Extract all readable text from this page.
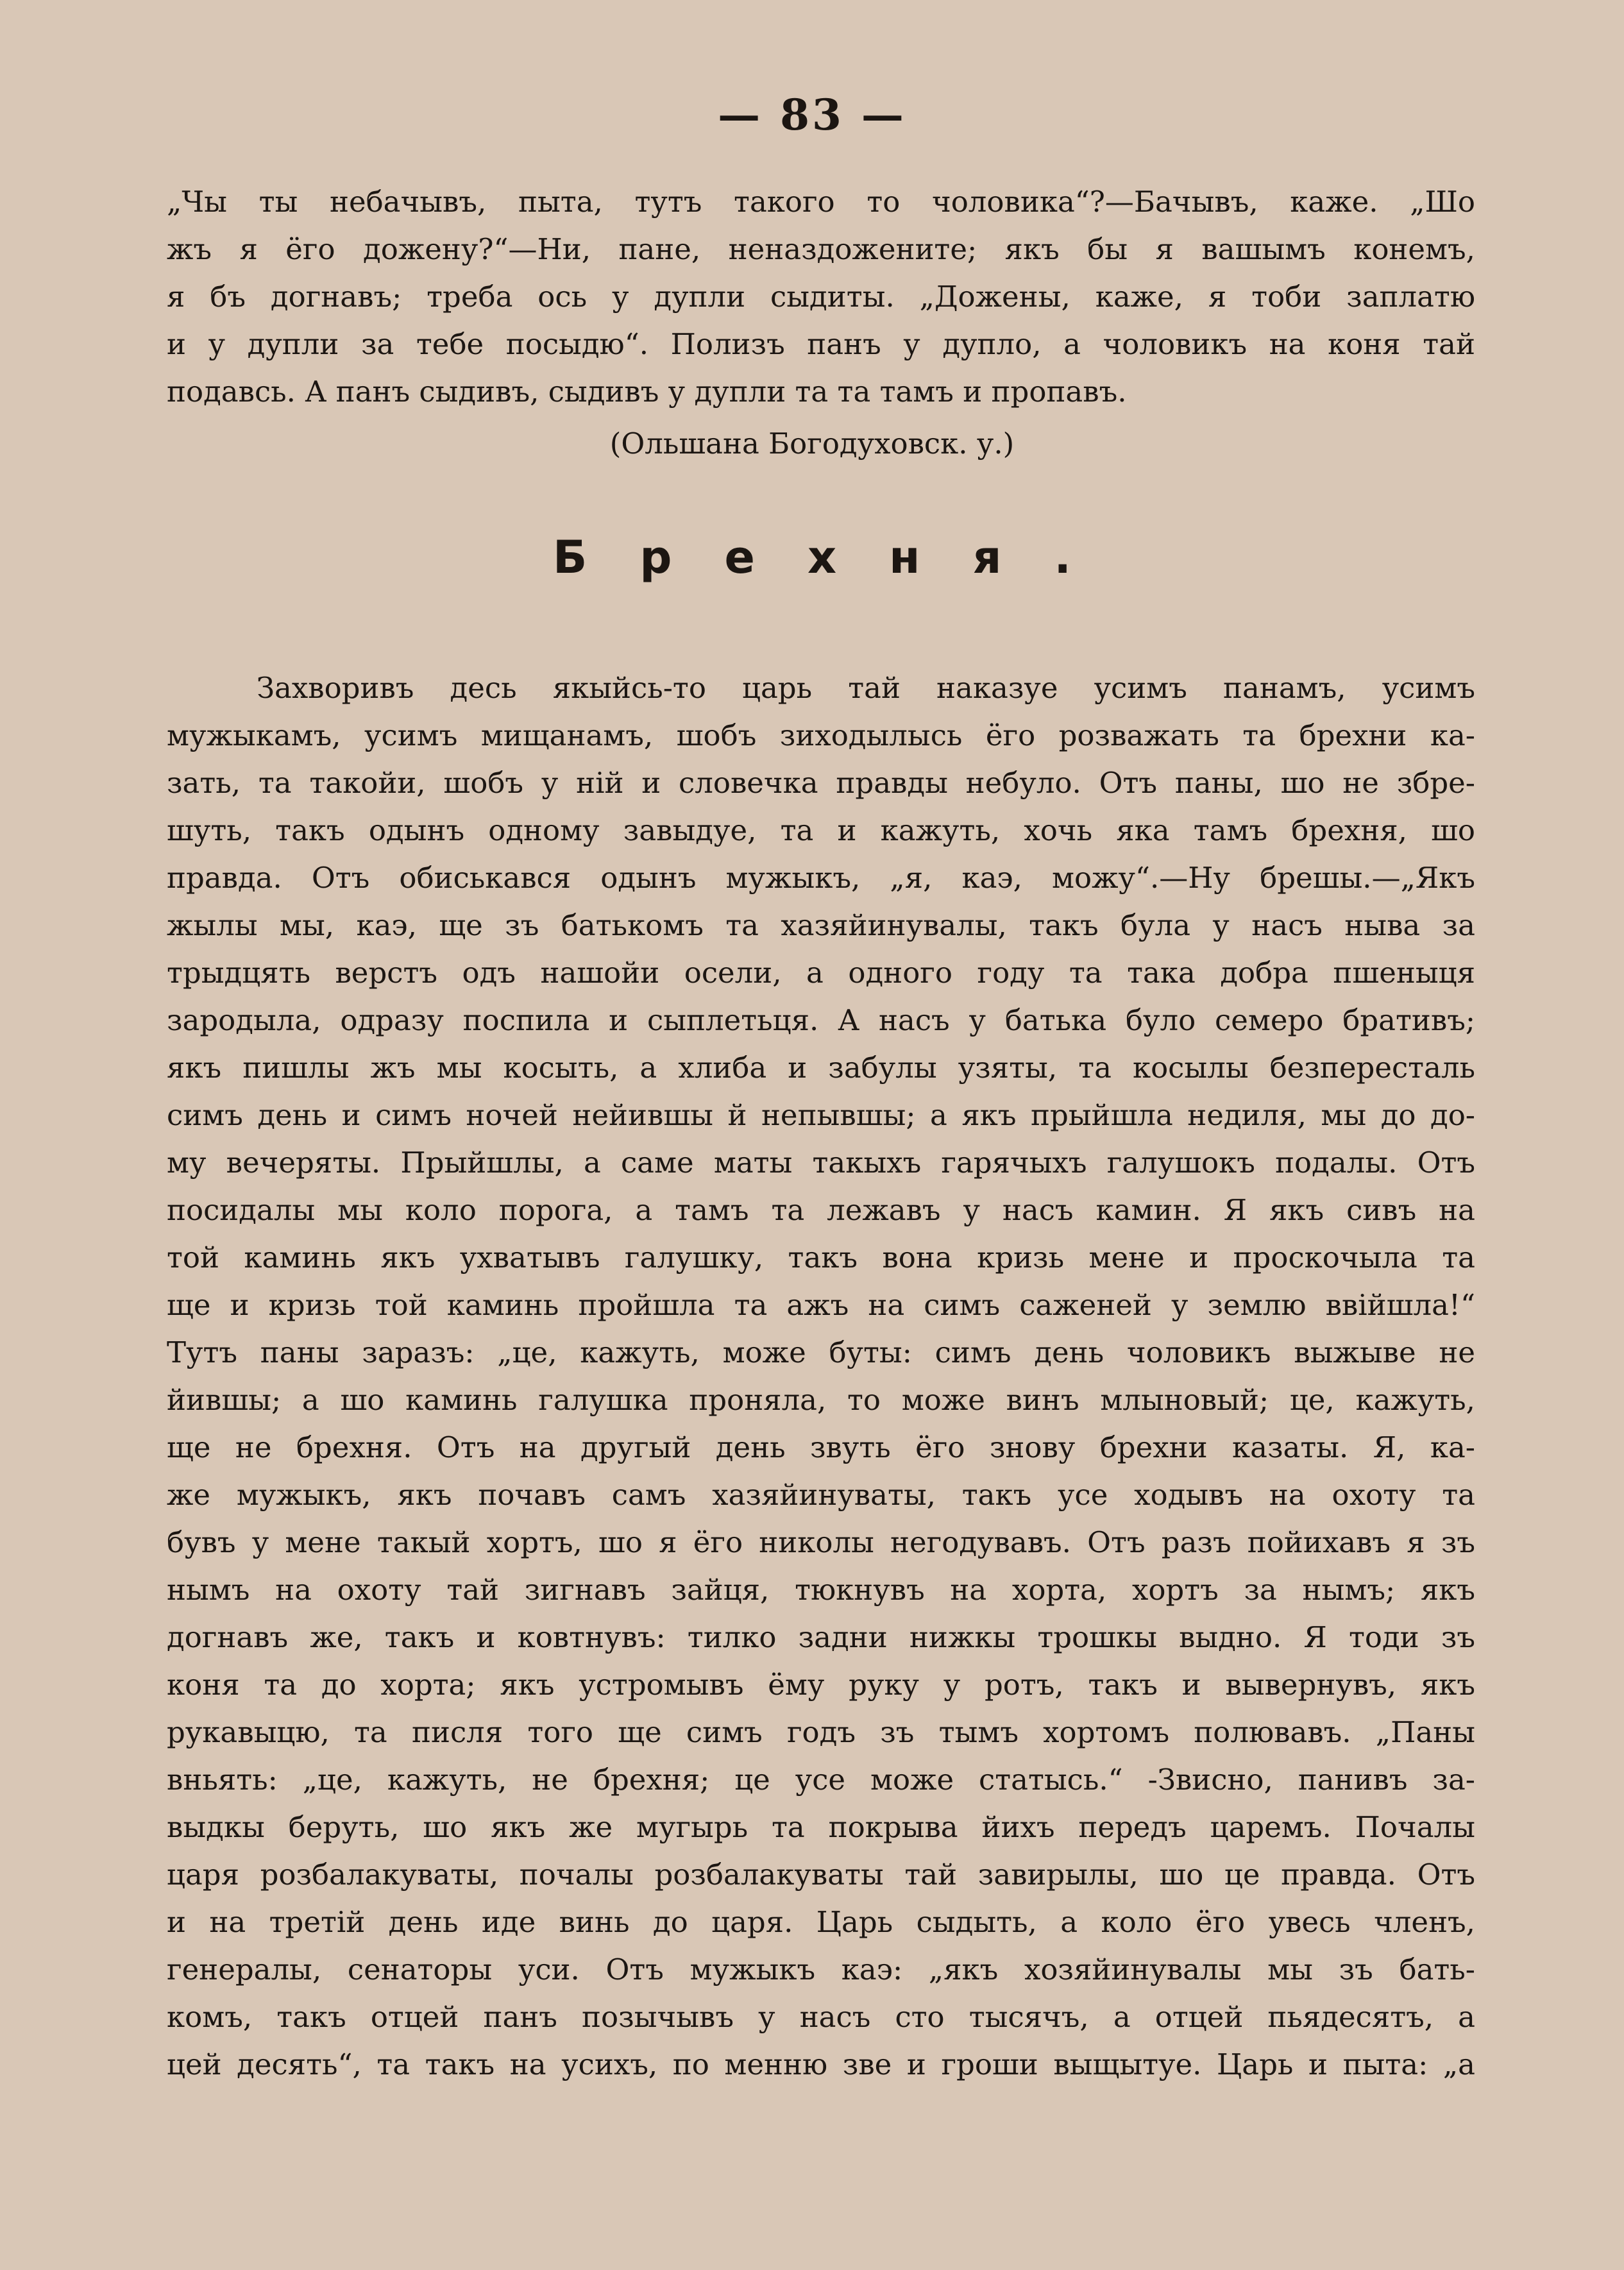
— 83 —
„Чы ты небачывъ, пыта, тутъ такого то чоловика“?—Бачывъ, каже. „Шо
жъ я ёго дожену?“—Ни, пане, неназдожените; якъ бы я вашымъ конемъ,
я бъ догнавъ; треба ось у дупли сыдиты. „Дожены, каже, я тоби заплатю
и у дупли за тебе посыдю“. Полизъ панъ у дупло, а чоловикъ на коня тай
подавсь. А панъ сыдивъ, сыдивъ у дупли та та тамъ и пропавъ.

(Ольшана Богодуховск. у.)

Брехня.
Захворивъ десь якыйсь-то царь тай наказуе усимъ панамъ, усимъ
мужыкамъ, усимъ мищанамъ, шобъ зиходылысь ёго розважать та брехни ка-
зать, та такойи, шобъ у ній и словечка правды небуло. Отъ паны, шо не збре-
шуть, такъ одынъ одному завыдуе, та и кажуть, хочь яка тамъ брехня, шо
правда. Отъ обиськався одынъ мужыкъ, „я, каэ, можу“.—Ну брешы.—„Якъ
жылы мы, каэ, ще зъ батькомъ та хазяйинувалы, такъ була у насъ ныва за
трыдцять верстъ одъ нашойи осели, а одного году та така добра пшеныця
зародыла, одразу поспила и сыплетьця. А насъ у батька було семеро бративъ;
якъ пишлы жъ мы косыть, а хлиба и забулы узяты, та косылы безпересталь
симъ день и симъ ночей нейившы й непывшы; а якъ прыйшла недиля, мы до до-
му вечеряты. Прыйшлы, а саме маты такыхъ гарячыхъ галушокъ подалы. Отъ
посидалы мы коло порога, а тамъ та лежавъ у насъ камин. Я якъ сивъ на
той каминь якъ ухватывъ галушку, такъ вона кризь мене и проскочыла та
ще и кризь той каминь пройшла та ажъ на симъ саженей у землю ввійшла!“
Тутъ паны заразъ: „це, кажуть, може буты: симъ день чоловикъ выжыве не
йившы; а шо каминь галушка проняла, то може винъ млыновый; це, кажуть,
ще не брехня. Отъ на другый день звуть ёго знову брехни казаты. Я, ка-
же мужыкъ, якъ почавъ самъ хазяйинуваты, такъ усе ходывъ на охоту та
бувъ у мене такый хортъ, шо я ёго николы негодувавъ. Отъ разъ пойихавъ я зъ
нымъ на охоту тай зигнавъ зайця, тюкнувъ на хорта, хортъ за нымъ; якъ
догнавъ же, такъ и ковтнувъ: тилко задни нижкы трошкы выдно. Я тоди зъ
коня та до хорта; якъ устромывъ ёму руку у ротъ, такъ и вывернувъ, якъ
рукавыцю, та писля того ще симъ годъ зъ тымъ хортомъ полювавъ. „Паны
вньять: „це, кажуть, не брехня; це усе може статысь.“ -Звисно, панивъ за-
выдкы беруть, шо якъ же мугырь та покрыва йихъ передъ царемъ. Почалы
царя розбалакуваты, почалы розбалакуваты тай завирылы, шо це правда. Отъ
и на третій день иде винь до царя. Царь сыдыть, а коло ёго увесь членъ,
генералы, сенаторы уси. Отъ мужыкъ каэ: „якъ хозяйинувалы мы зъ бать-
комъ, такъ отцей панъ позычывъ у насъ сто тысячъ, а отцей пьядесятъ, а
цей десять“, та такъ на усихъ, по менню зве и гроши выщытуе. Царь и пыта: „а
